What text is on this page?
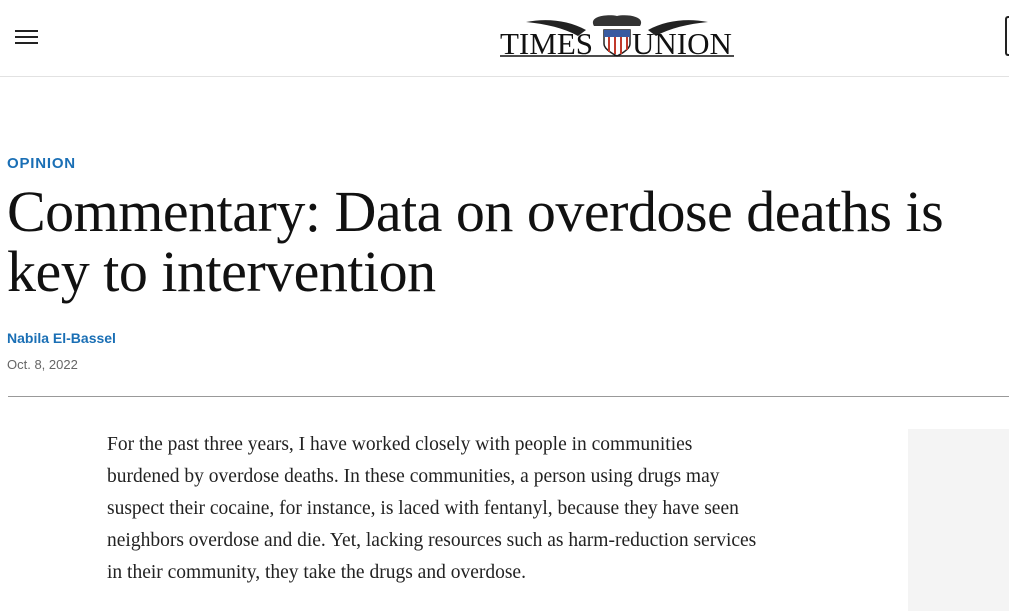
TIMES UNION
OPINION
Commentary: Data on overdose deaths is key to intervention
Nabila El-Bassel
Oct. 8, 2022

For the past three years, I have worked closely with people in communities burdened by overdose deaths. In these communities, a person using drugs may suspect their cocaine, for instance, is laced with fentanyl, because they have seen neighbors overdose and die. Yet, lacking resources such as harm-reduction services in their community, they take the drugs and overdose.
